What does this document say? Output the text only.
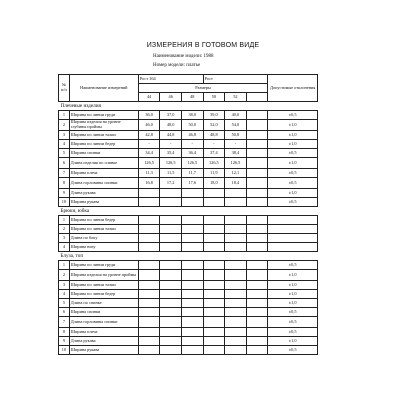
ИЗМЕРЕНИЯ В ГОТОВОМ ВИДЕ
Наименование модели: 1988
Номер модели: платье
№ п/п	Наименование измерений	Рост 164			Рост			Допустимые отклонения
		Размеры						
		44	46	48	50	52		
Плечевые изделия								
1	Ширина по линии груди	36,0	37,0	38,0	39,0	40,0		±0,5
2	Ширина изделия на уровне глубины проймы	46,0	48,0	50,0	52,0	54,0		±1,0
3	Ширина по линии талии	42,8	44,8	46,8	48,8	50,8		±1,0
4	Ширина по линии бедер	-	-	-	-	-		±1,0
5	Ширина спинки	34,4	35,4	36,4	37,4	38,4		±0,5
6	Длина изделия по спинке	126,5	126,5	126,5	126,5	126,5		±1,0
7	Ширина плеча	11,3	11,5	11,7	11,9	12,1		±0,5
8	Длина горловины спинки	16,8	17,2	17,6	18,0	18,4		±0,5
9	Длина рукава							±1,0
10	Ширина рукава							±0,5
Брюки, юбка								
1	Ширина по линии бедер							
2	Ширина по линии талии							
3	Длина по боку							
4	Ширина низу							
Блуза, топ								
1	Ширина по линии груди							±0,5
2	Ширина изделия на уровне проймы							±1,0
3	Ширина по линии талии							±1,0
4	Ширина по линии бедер							±1,0
5	Длина по спинке							±1,0
6	Ширина спинки							±0,5
7	Длина горловины спинки							±0,5
8	Ширина плеча							±0,5
9	Длина рукава							±1,0
10	Ширина рукава							±0,5
